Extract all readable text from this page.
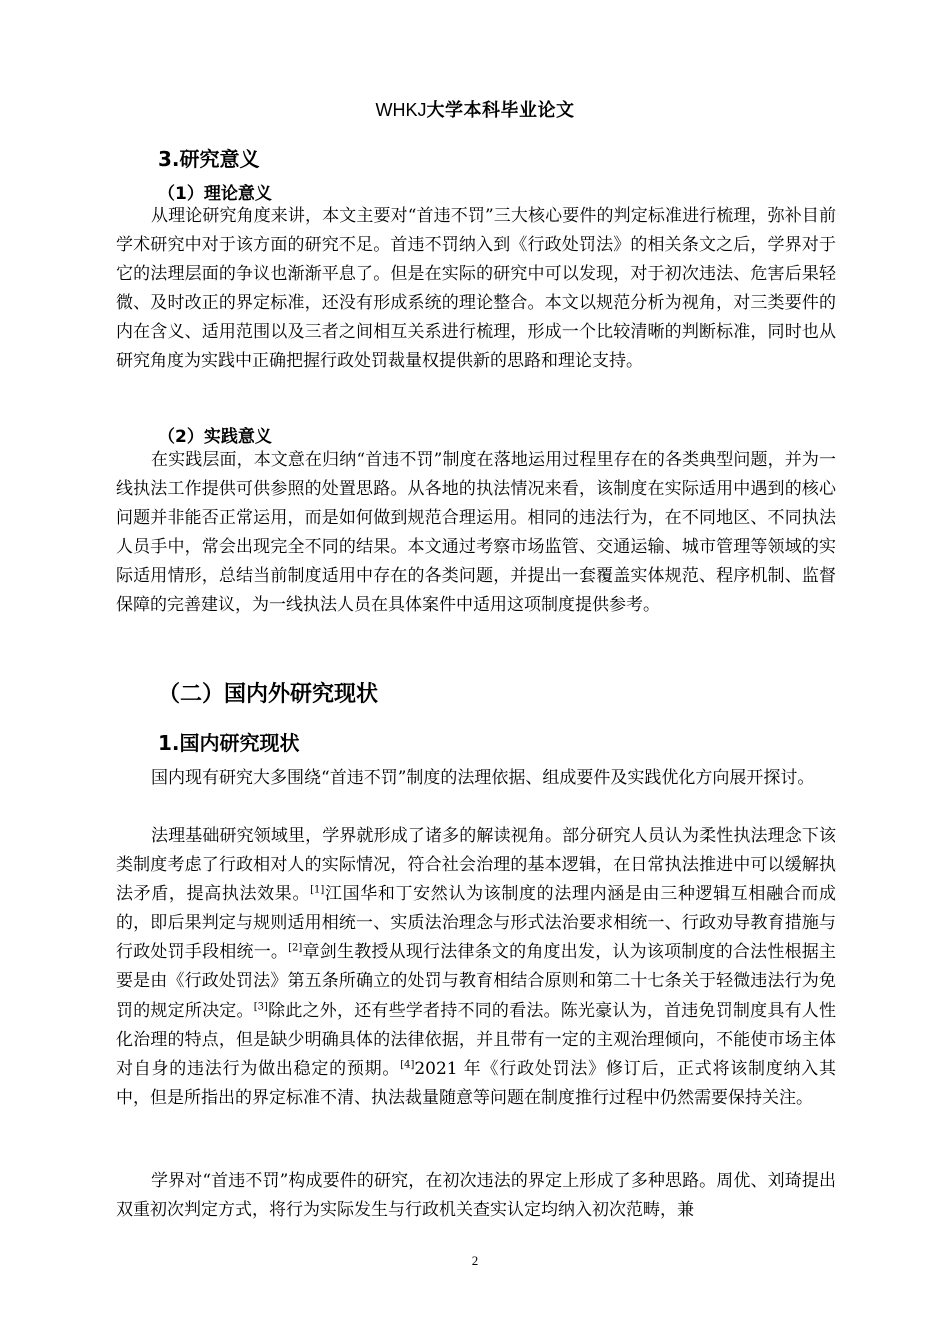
WHKJ大学本科毕业论文
3.研究意义
（1）理论意义
从理论研究角度来讲，本文主要对“首违不罚”三大核心要件的判定标准进行梳理，弥补目前学术研究中对于该方面的研究不足。首违不罚纳入到《行政处罚法》的相关条文之后，学界对于它的法理层面的争议也渐渐平息了。但是在实际的研究中可以发现，对于初次违法、危害后果轻微、及时改正的界定标准，还没有形成系统的理论整合。本文以规范分析为视角，对三类要件的内在含义、适用范围以及三者之间相互关系进行梳理，形成一个比较清晰的判断标准，同时也从研究角度为实践中正确把握行政处罚裁量权提供新的思路和理论支持。
（2）实践意义
在实践层面，本文意在归纳“首违不罚”制度在落地运用过程里存在的各类典型问题，并为一线执法工作提供可供参照的处置思路。从各地的执法情况来看，该制度在实际适用中遇到的核心问题并非能否正常运用，而是如何做到规范合理运用。相同的违法行为，在不同地区、不同执法人员手中，常会出现完全不同的结果。本文通过考察市场监管、交通运输、城市管理等领域的实际适用情形，总结当前制度适用中存在的各类问题，并提出一套覆盖实体规范、程序机制、监督保障的完善建议，为一线执法人员在具体案件中适用这项制度提供参考。
（二）国内外研究现状
1.国内研究现状
国内现有研究大多围绕“首违不罚”制度的法理依据、组成要件及实践优化方向展开探讨。
法理基础研究领域里，学界就形成了诸多的解读视角。部分研究人员认为柔性执法理念下该类制度考虑了行政相对人的实际情况，符合社会治理的基本逻辑，在日常执法推进中可以缓解执法矛盾，提高执法效果。[1]江国华和丁安然认为该制度的法理内涵是由三种逻辑互相融合而成的，即后果判定与规则适用相统一、实质法治理念与形式法治要求相统一、行政劝导教育措施与行政处罚手段相统一。[2]章剑生教授从现行法律条文的角度出发，认为该项制度的合法性根据主要是由《行政处罚法》第五条所确立的处罚与教育相结合原则和第二十七条关于轻微违法行为免罚的规定所决定。[3]除此之外，还有些学者持不同的看法。陈光豪认为，首违免罚制度具有人性化治理的特点，但是缺少明确具体的法律依据，并且带有一定的主观治理倾向，不能使市场主体对自身的违法行为做出稳定的预期。[4]2021 年《行政处罚法》修订后，正式将该制度纳入其中，但是所指出的界定标准不清、执法裁量随意等问题在制度推行过程中仍然需要保持关注。
学界对“首违不罚”构成要件的研究，在初次违法的界定上形成了多种思路。周优、刘琦提出双重初次判定方式，将行为实际发生与行政机关查实认定均纳入初次范畴，兼
2
